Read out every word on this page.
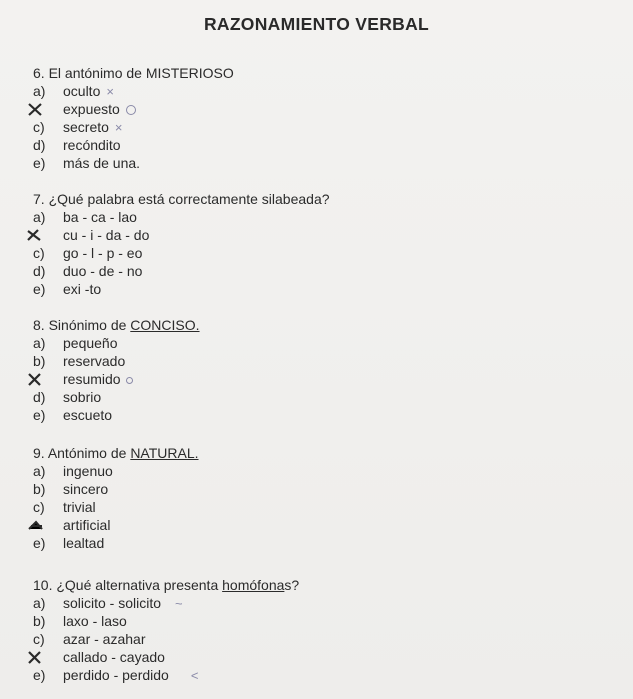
RAZONAMIENTO VERBAL
6. El antónimo de MISTERIOSO
a) oculto ×
expuesto
c) secreto ×
d) recóndito
e) más de una.
7. ¿Qué palabra está correctamente silabeada?
a) ba - ca - lao
cu - i - da - do
c) go - l - p - eo
d) duo - de - no
e) exi -to
8. Sinónimo de CONCISO.
a) pequeño
b) reservado
resumido
d) sobrio
e) escueto
9. Antónimo de NATURAL.
a) ingenuo
b) sincero
c) trivial
artificial
e) lealtad
10. ¿Qué alternativa presenta homófonas?
a) solicito - solicito ~
b) laxo - laso
c) azar - azahar
callado - cayado
e) perdido - perdido <
